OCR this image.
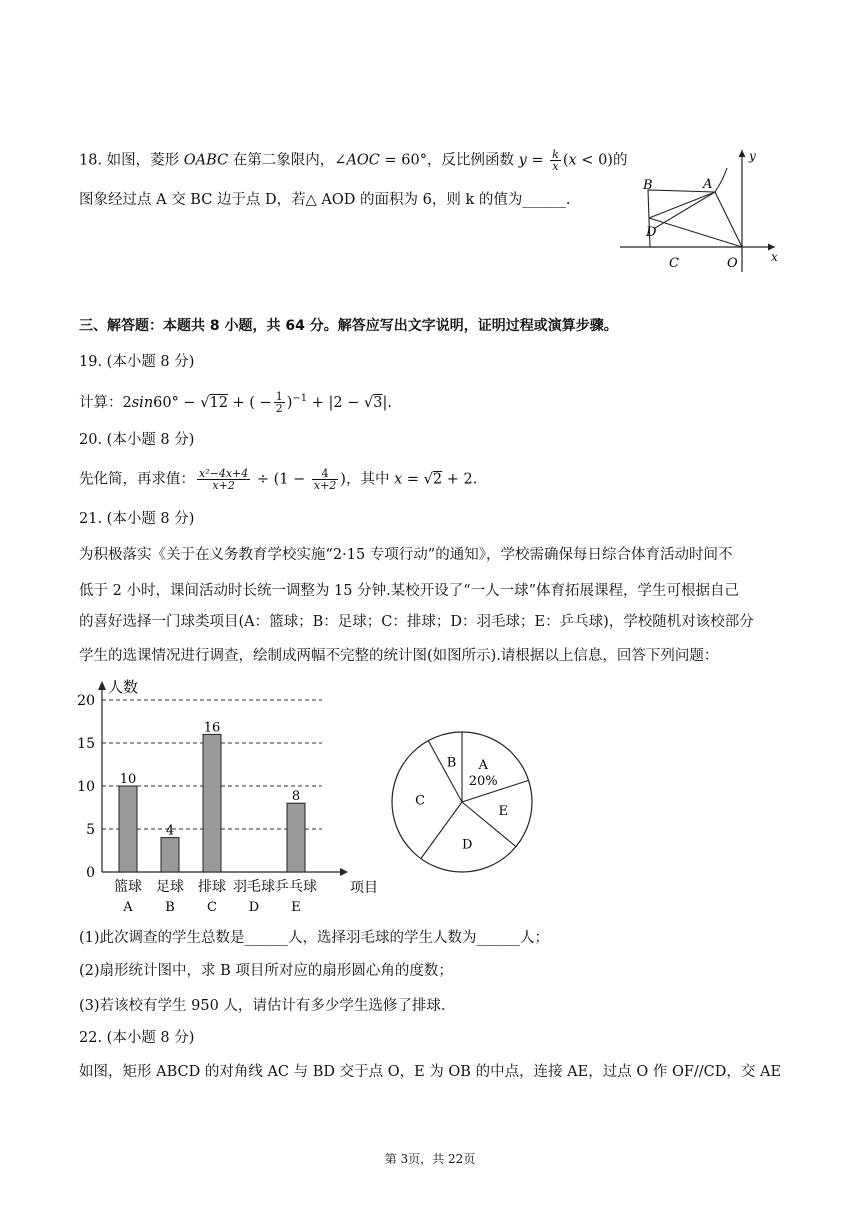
18. 如图，菱形 OABC 在第二象限内，∠AOC = 60°，反比例函数 $y = \frac{k}{x} (x < 0)$的
图象经过点 A 交 BC 边于点 D，若△ AOD 的面积为 6，则 k 的值为______.
B	A
D
C	O	x
y
三、解答题：本题共 8 小题，共 64 分。解答应写出文字说明，证明过程或演算步骤。
19. (本小题 8 分)
计算：2sin60° − √12 + ( − $\frac{1}{2} )^{-1} + |2 - √3|$.
20. (本小题 8 分)
先化简，再求值： $\frac{\text{x²−4x+4}}{x+2} \div (1 - \frac{4}{x+2}$ )，其中 x = √2 + 2.
21. (本小题 8 分)
为积极落实《关于在义务教育学校实施“2·15 专项行动”的通知》，学校需确保每日综合体育活动时间不
低于 2 小时，课间活动时长统一调整为 15 分钟.某校开设了“一人一球”体育拓展课程，学生可根据自己
的喜好选择一门球类项目(A：篮球；B：足球；C：排球；D：羽毛球；E：乒乓球)，学校随机对该校部分
学生的选课情况进行调查，绘制成两幅不完整的统计图(如图所示).请根据以上信息，回答下列问题：
0
5
10
15
20
人数
项目
10
篮球
A
4
足球
B
16
排球
C
羽毛球
D
8
乒乓球
E
A
20%
E
D
C
B
(1)此次调查的学生总数是______人，选择羽毛球的学生人数为______人；
(2)扇形统计图中，求 B 项目所对应的扇形圆心角的度数；
(3)若该校有学生 950 人，请估计有多少学生选修了排球.
22. (本小题 8 分)
如图，矩形 ABCD 的对角线 AC 与 BD 交于点 O，E 为 OB 的中点，连接 AE，过点 O 作 OF//CD，交 AE
第 3页，共 22页
